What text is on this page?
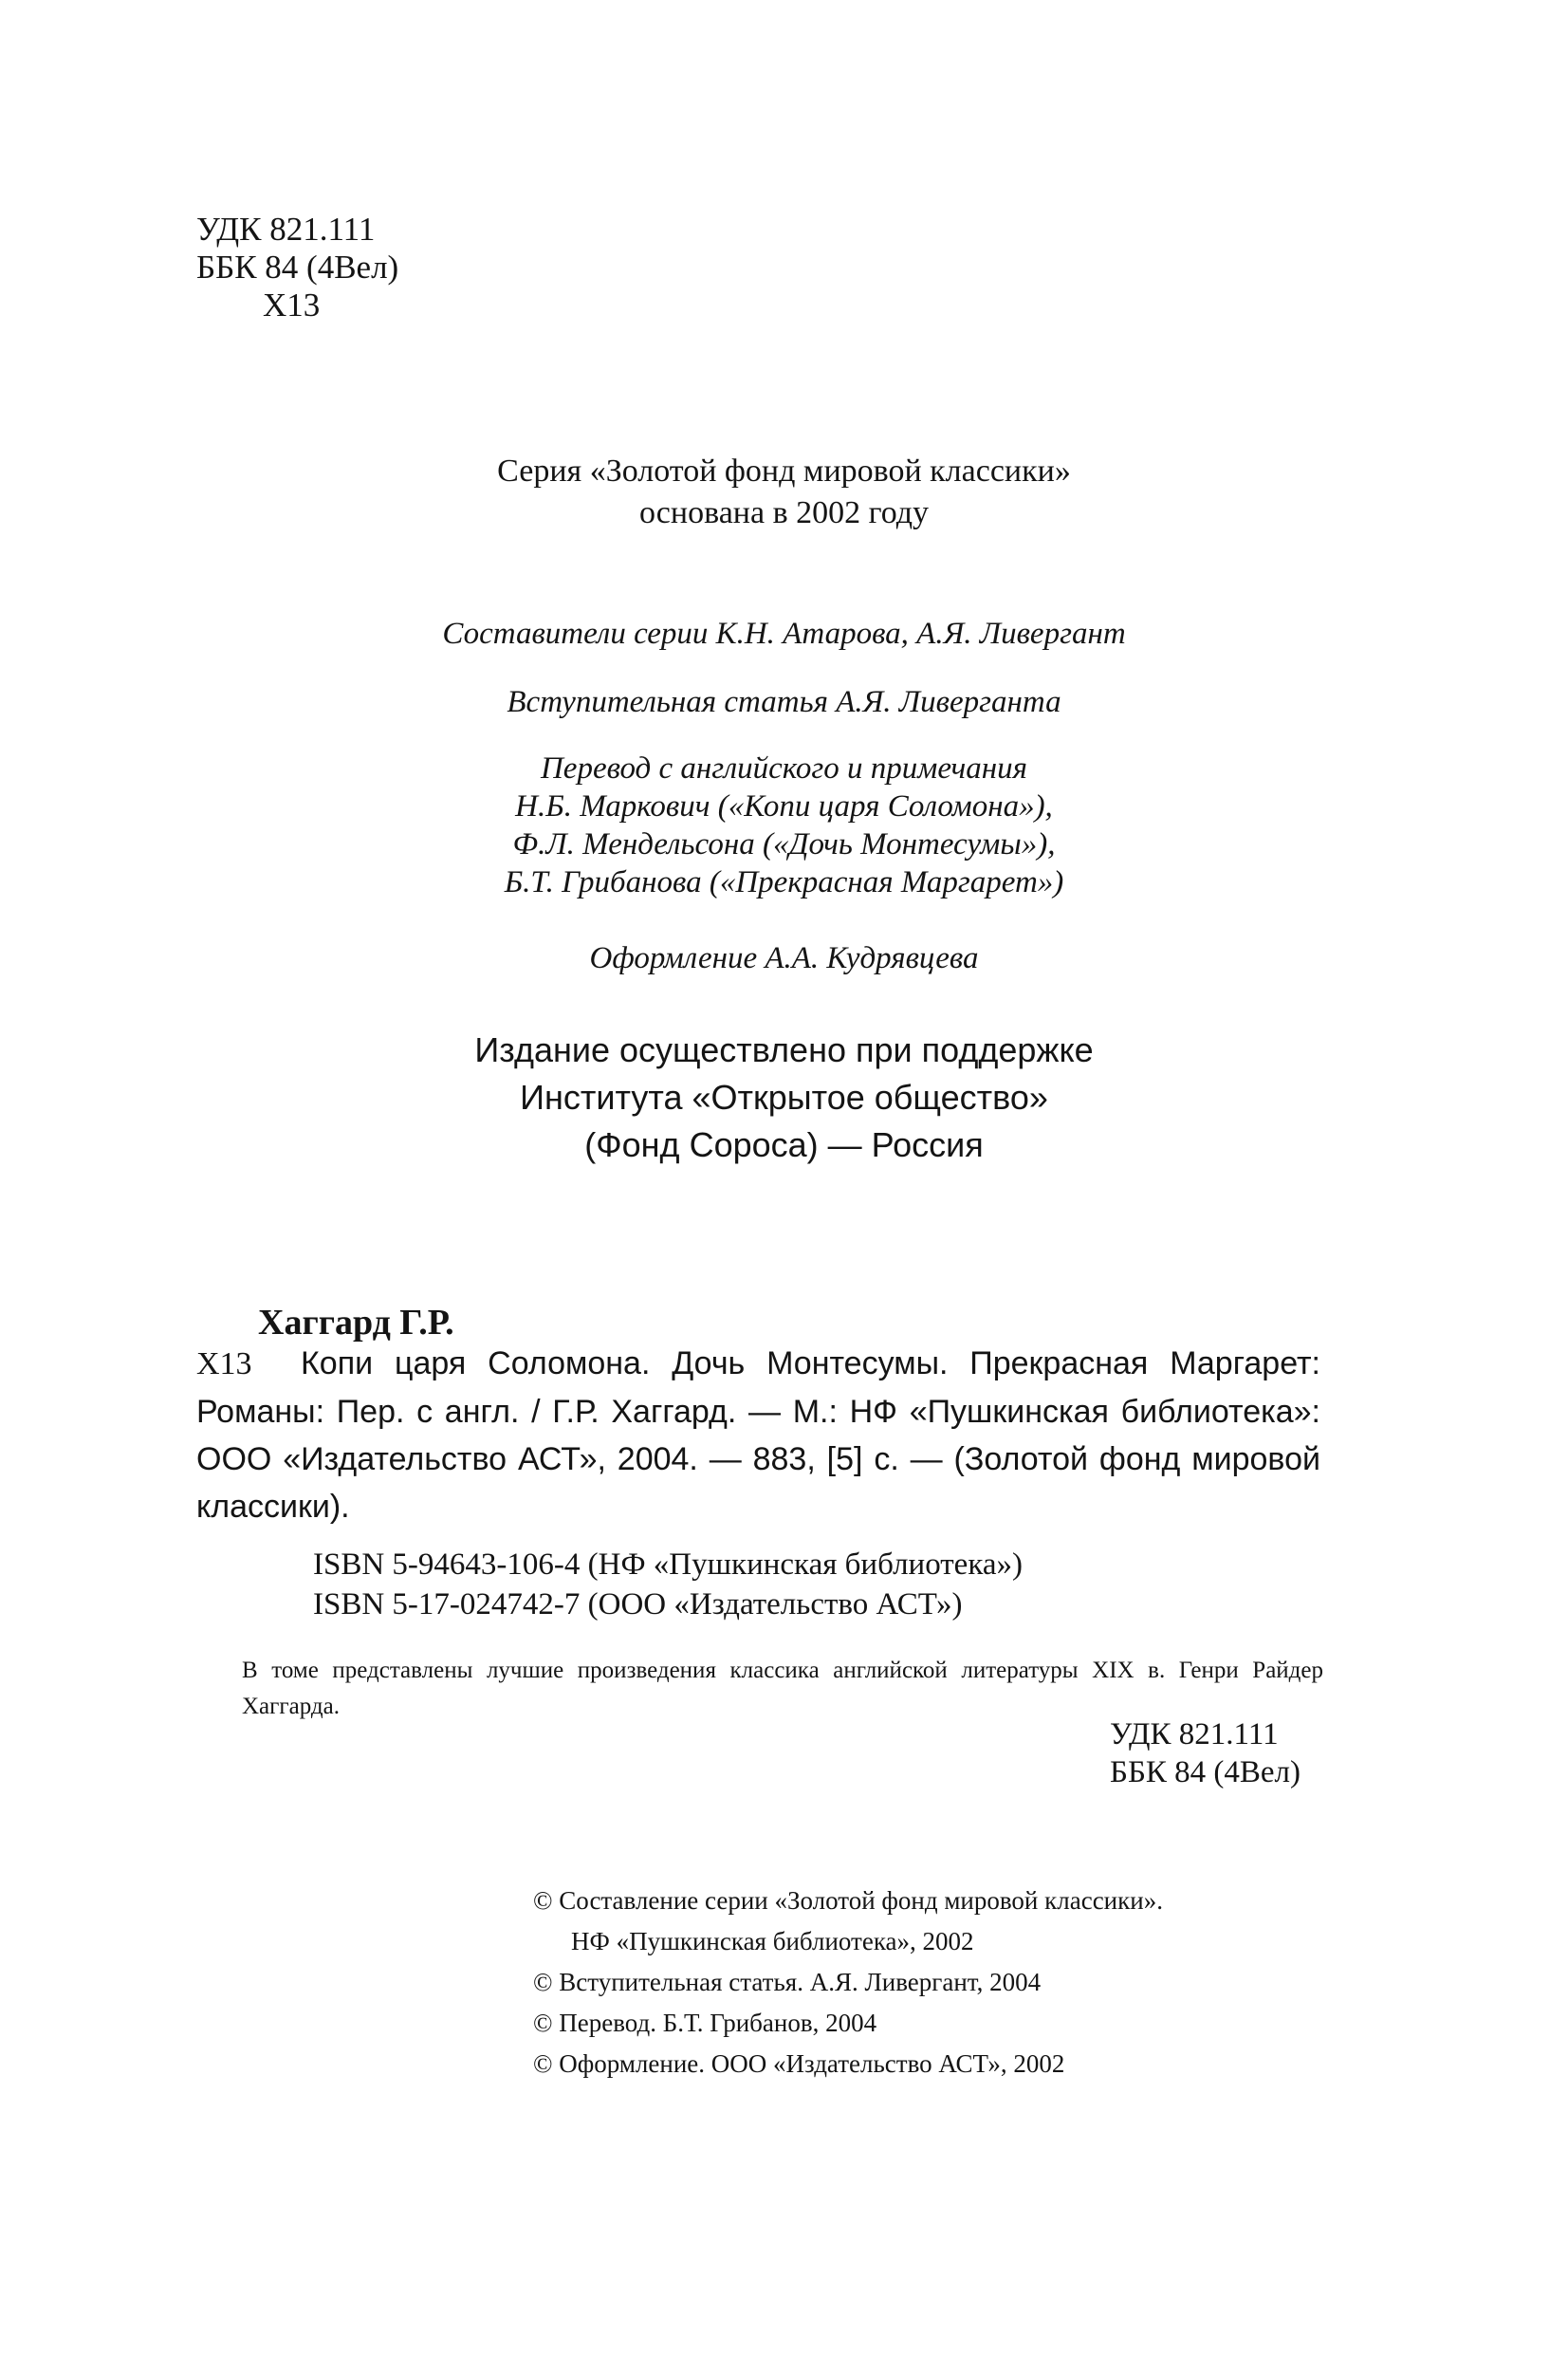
УДК 821.111
ББК 84 (4Вел)
Х13
Серия «Золотой фонд мировой классики»
основана в 2002 году
Составители серии К.Н. Атарова, А.Я. Ливергант
Вступительная статья А.Я. Ливерганта
Перевод с английского и примечания
Н.Б. Маркович («Копи царя Соломона»),
Ф.Л. Мендельсона («Дочь Монтесумы»),
Б.Т. Грибанова («Прекрасная Маргарет»)
Оформление А.А. Кудрявцева
Издание осуществлено при поддержке
Института «Открытое общество»
(Фонд Сороса) — Россия
Хаггард Г.Р.
Х13 Копи царя Соломона. Дочь Монтесумы. Прекрасная Маргарет: Романы: Пер. с англ. / Г.Р. Хаггард. — М.: НФ «Пушкинская библиотека»: ООО «Издательство АСТ», 2004. — 883, [5] с. — (Золотой фонд мировой классики).
ISBN 5-94643-106-4 (НФ «Пушкинская библиотека»)
ISBN 5-17-024742-7 (ООО «Издательство АСТ»)
В томе представлены лучшие произведения классика английской литературы XIX в. Генри Райдер Хаггарда.
УДК 821.111
ББК 84 (4Вел)
© Составление серии «Золотой фонд мировой классики».
НФ «Пушкинская библиотека», 2002
© Вступительная статья. А.Я. Ливергант, 2004
© Перевод. Б.Т. Грибанов, 2004
© Оформление. ООО «Издательство АСТ», 2002
